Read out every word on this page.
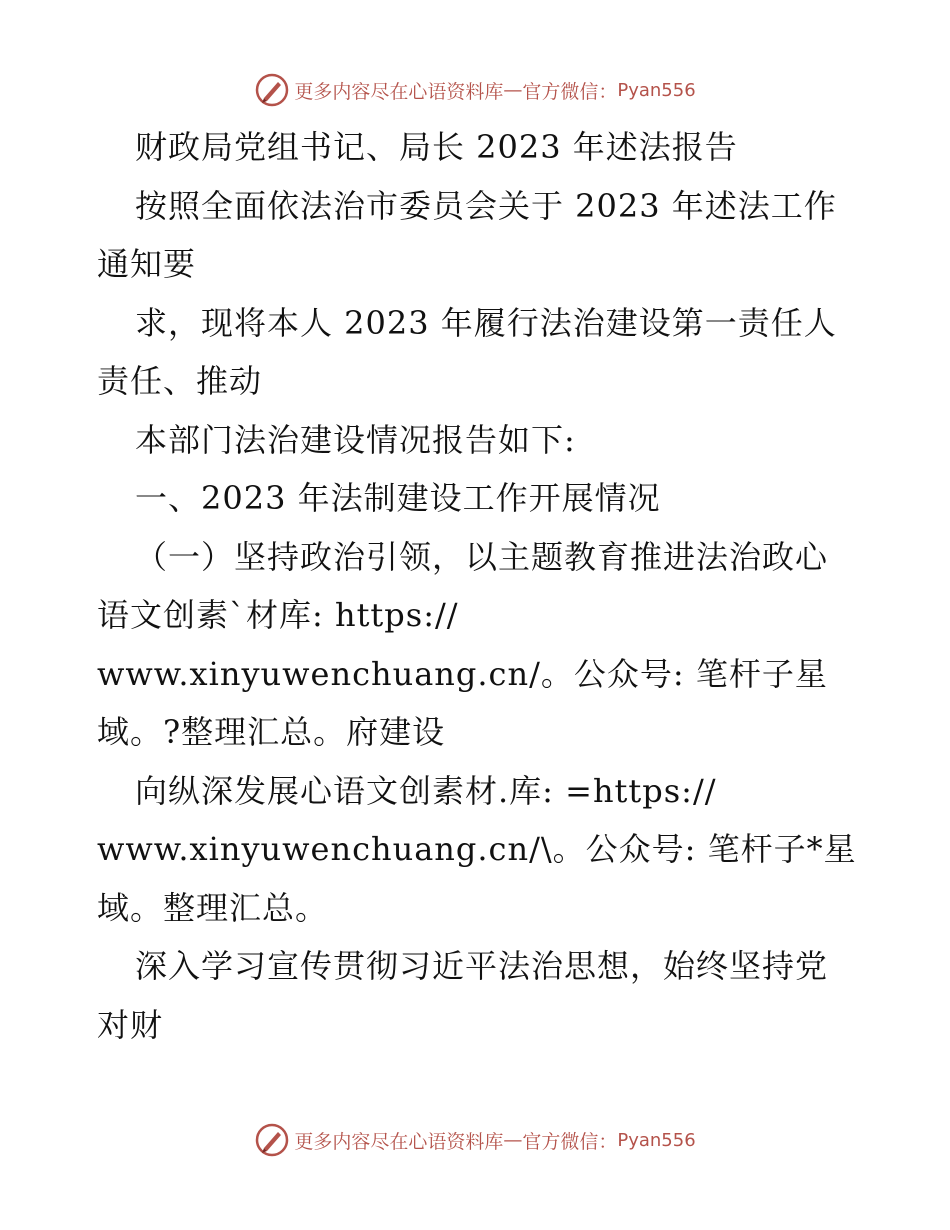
更多内容尽在心语资料库 — 官方微信： Pyan556
财政局党组书记、局长 2023 年述法报告
按照全面依法治市委员会关于 2023 年述法工作
通知要
求，现将本人 2023 年履行法治建设第一责任人
责任、推动
本部门法治建设情况报告如下:
一、2023 年法制建设工作开展情况
（一）坚持政治引领，以主题教育推进法治政心
语文创素`材库: https://
www.xinyuwenchuang.cn/。公众号: 笔杆子星
域。?整理汇总。府建设
向纵深发展心语文创素材.库: =https://
www.xinyuwenchuang.cn/\。公众号: 笔杆子*星
域。整理汇总。
深入学习宣传贯彻习近平法治思想，始终坚持党
对财
更多内容尽在心语资料库 — 官方微信： Pyan556
